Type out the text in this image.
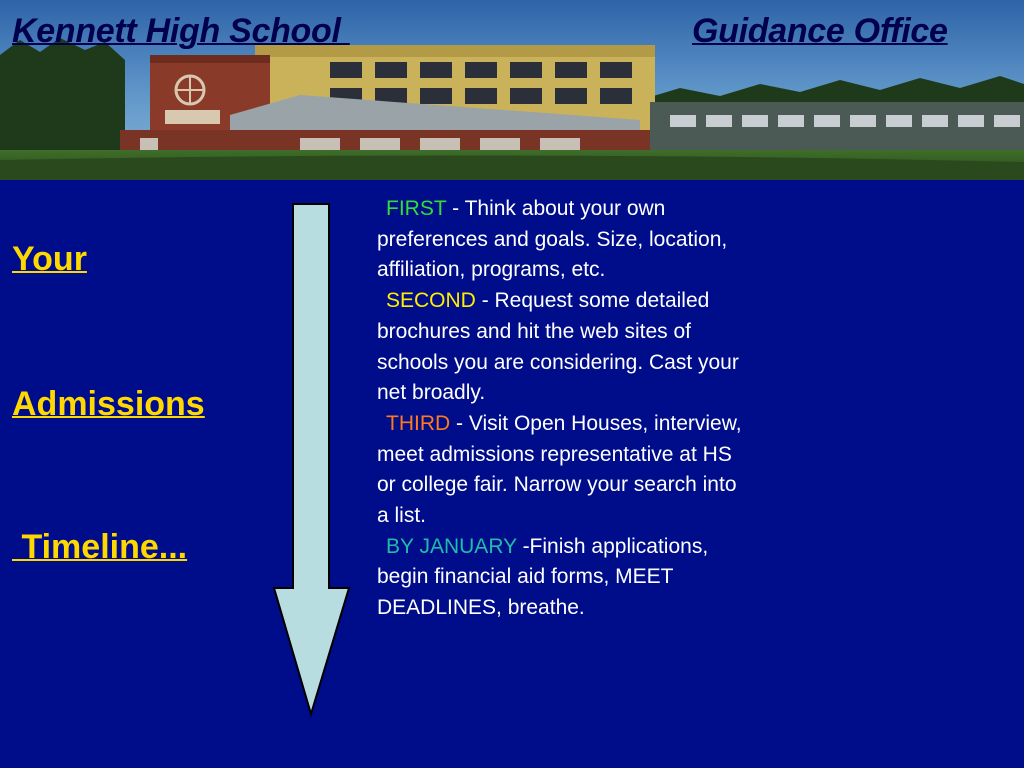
Kennett High School	Guidance Office
Your
Admissions
Timeline...

FIRST - Think about your own preferences and goals. Size, location, affiliation, programs, etc.

SECOND - Request some detailed brochures and hit the web sites of schools you are considering. Cast your net broadly.

THIRD - Visit Open Houses, interview, meet admissions representative at HS or college fair. Narrow your search into a list.

BY JANUARY -Finish applications, begin financial aid forms, MEET DEADLINES, breathe.
